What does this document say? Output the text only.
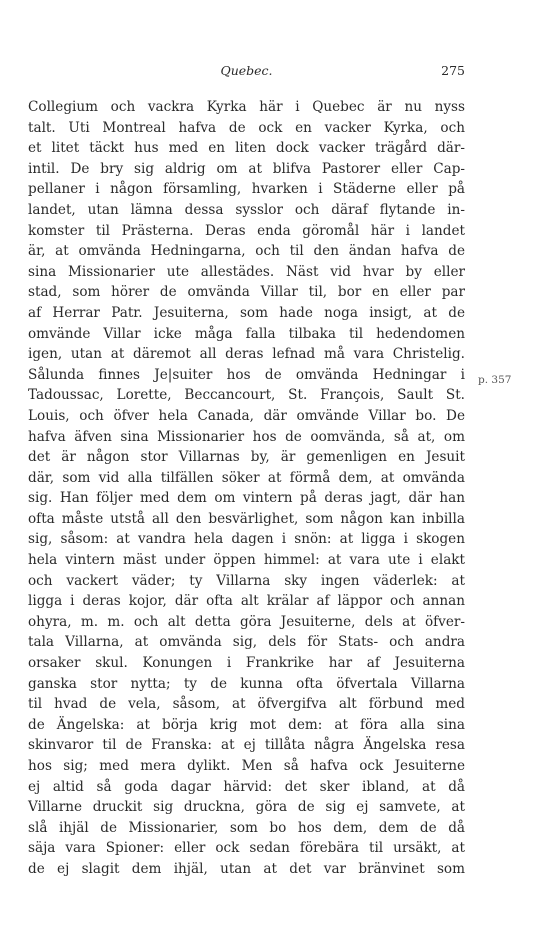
Quebec.	275
p. 357
Collegium och vackra Kyrka här i Quebec är nu nyss
talt. Uti Montreal hafva de ock en vacker Kyrka, och
et litet täckt hus med en liten dock vacker trägård där-
intil. De bry sig aldrig om at blifva Pastorer eller Cap-
pellaner i någon församling, hvarken i Städerne eller på
landet, utan lämna dessa sysslor och däraf flytande in-
komster til Prästerna. Deras enda göromål här i landet
är, at omvända Hedningarna, och til den ändan hafva de
sina Missionarier ute allestädes. Näst vid hvar by eller
stad, som hörer de omvända Villar til, bor en eller par
af Herrar Patr. Jesuiterna, som hade noga insigt, at de
omvände Villar icke måga falla tilbaka til hedendomen
igen, utan at däremot all deras lefnad må vara Christelig.
Sålunda finnes Je|suiter hos de omvända Hedningar i
Tadoussac, Lorette, Beccancourt, St. François, Sault St.
Louis, och öfver hela Canada, där omvände Villar bo. De
hafva äfven sina Missionarier hos de oomvända, så at, om
det är någon stor Villarnas by, är gemenligen en Jesuit
där, som vid alla tilfällen söker at förmå dem, at omvända
sig. Han följer med dem om vintern på deras jagt, där han
ofta måste utstå all den besvärlighet, som någon kan inbilla
sig, såsom: at vandra hela dagen i snön: at ligga i skogen
hela vintern mäst under öppen himmel: at vara ute i elakt
och vackert väder; ty Villarna sky ingen väderlek: at
ligga i deras kojor, där ofta alt krälar af läppor och annan
ohyra, m. m. och alt detta göra Jesuiterne, dels at öfver-
tala Villarna, at omvända sig, dels för Stats- och andra
orsaker skul. Konungen i Frankrike har af Jesuiterna
ganska stor nytta; ty de kunna ofta öfvertala Villarna
til hvad de vela, såsom, at öfvergifva alt förbund med
de Ängelska: at börja krig mot dem: at föra alla sina
skinvaror til de Franska: at ej tillåta några Ängelska resa
hos sig; med mera dylikt. Men så hafva ock Jesuiterne
ej altid så goda dagar härvid: det sker ibland, at då
Villarne druckit sig druckna, göra de sig ej samvete, at
slå ihjäl de Missionarier, som bo hos dem, dem de då
säja vara Spioner: eller ock sedan förebära til ursäkt, at
de ej slagit dem ihjäl, utan at det var bränvinet som
